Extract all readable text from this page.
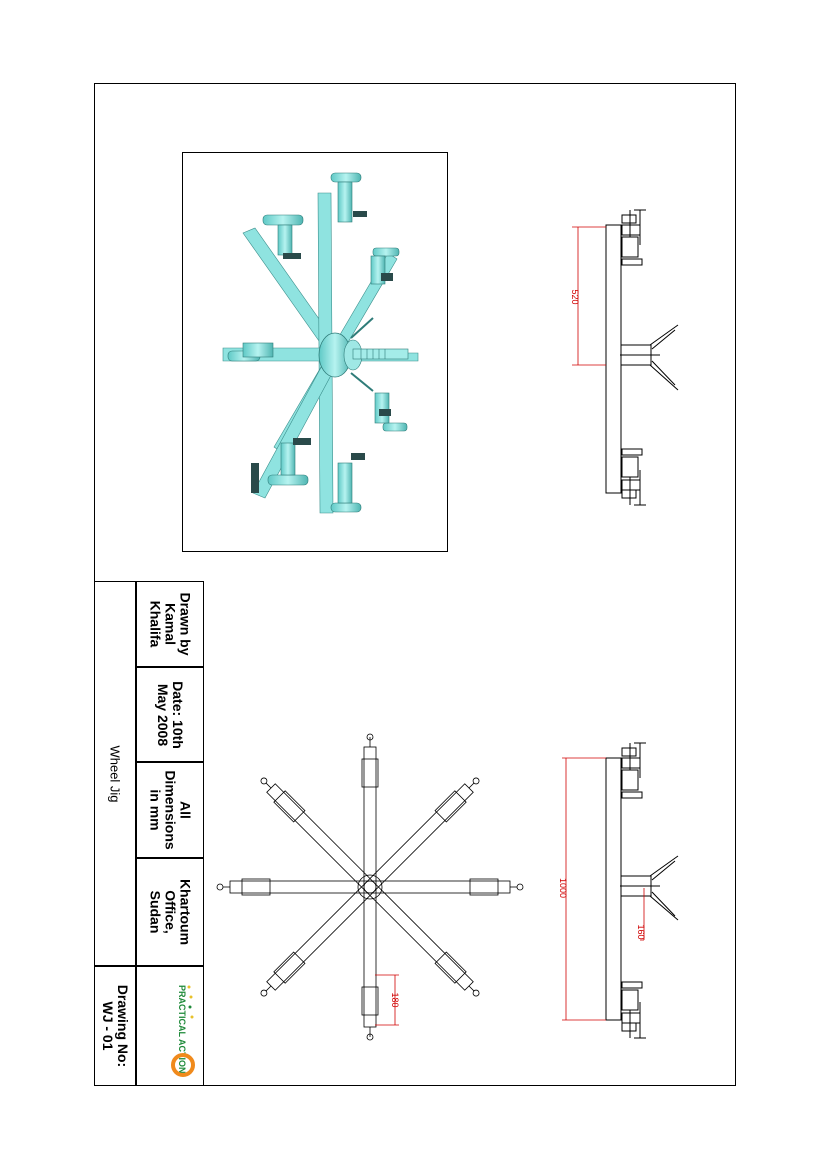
520
1000
160
180
Wheel Jig
Drawn by
Kamal
Khalifa
Date: 10th
May 2008
All
Dimensions
in mm
Khartoum
Office,
Sudan
Drawing No:
WJ - 01	PRACTICAL ACTION
